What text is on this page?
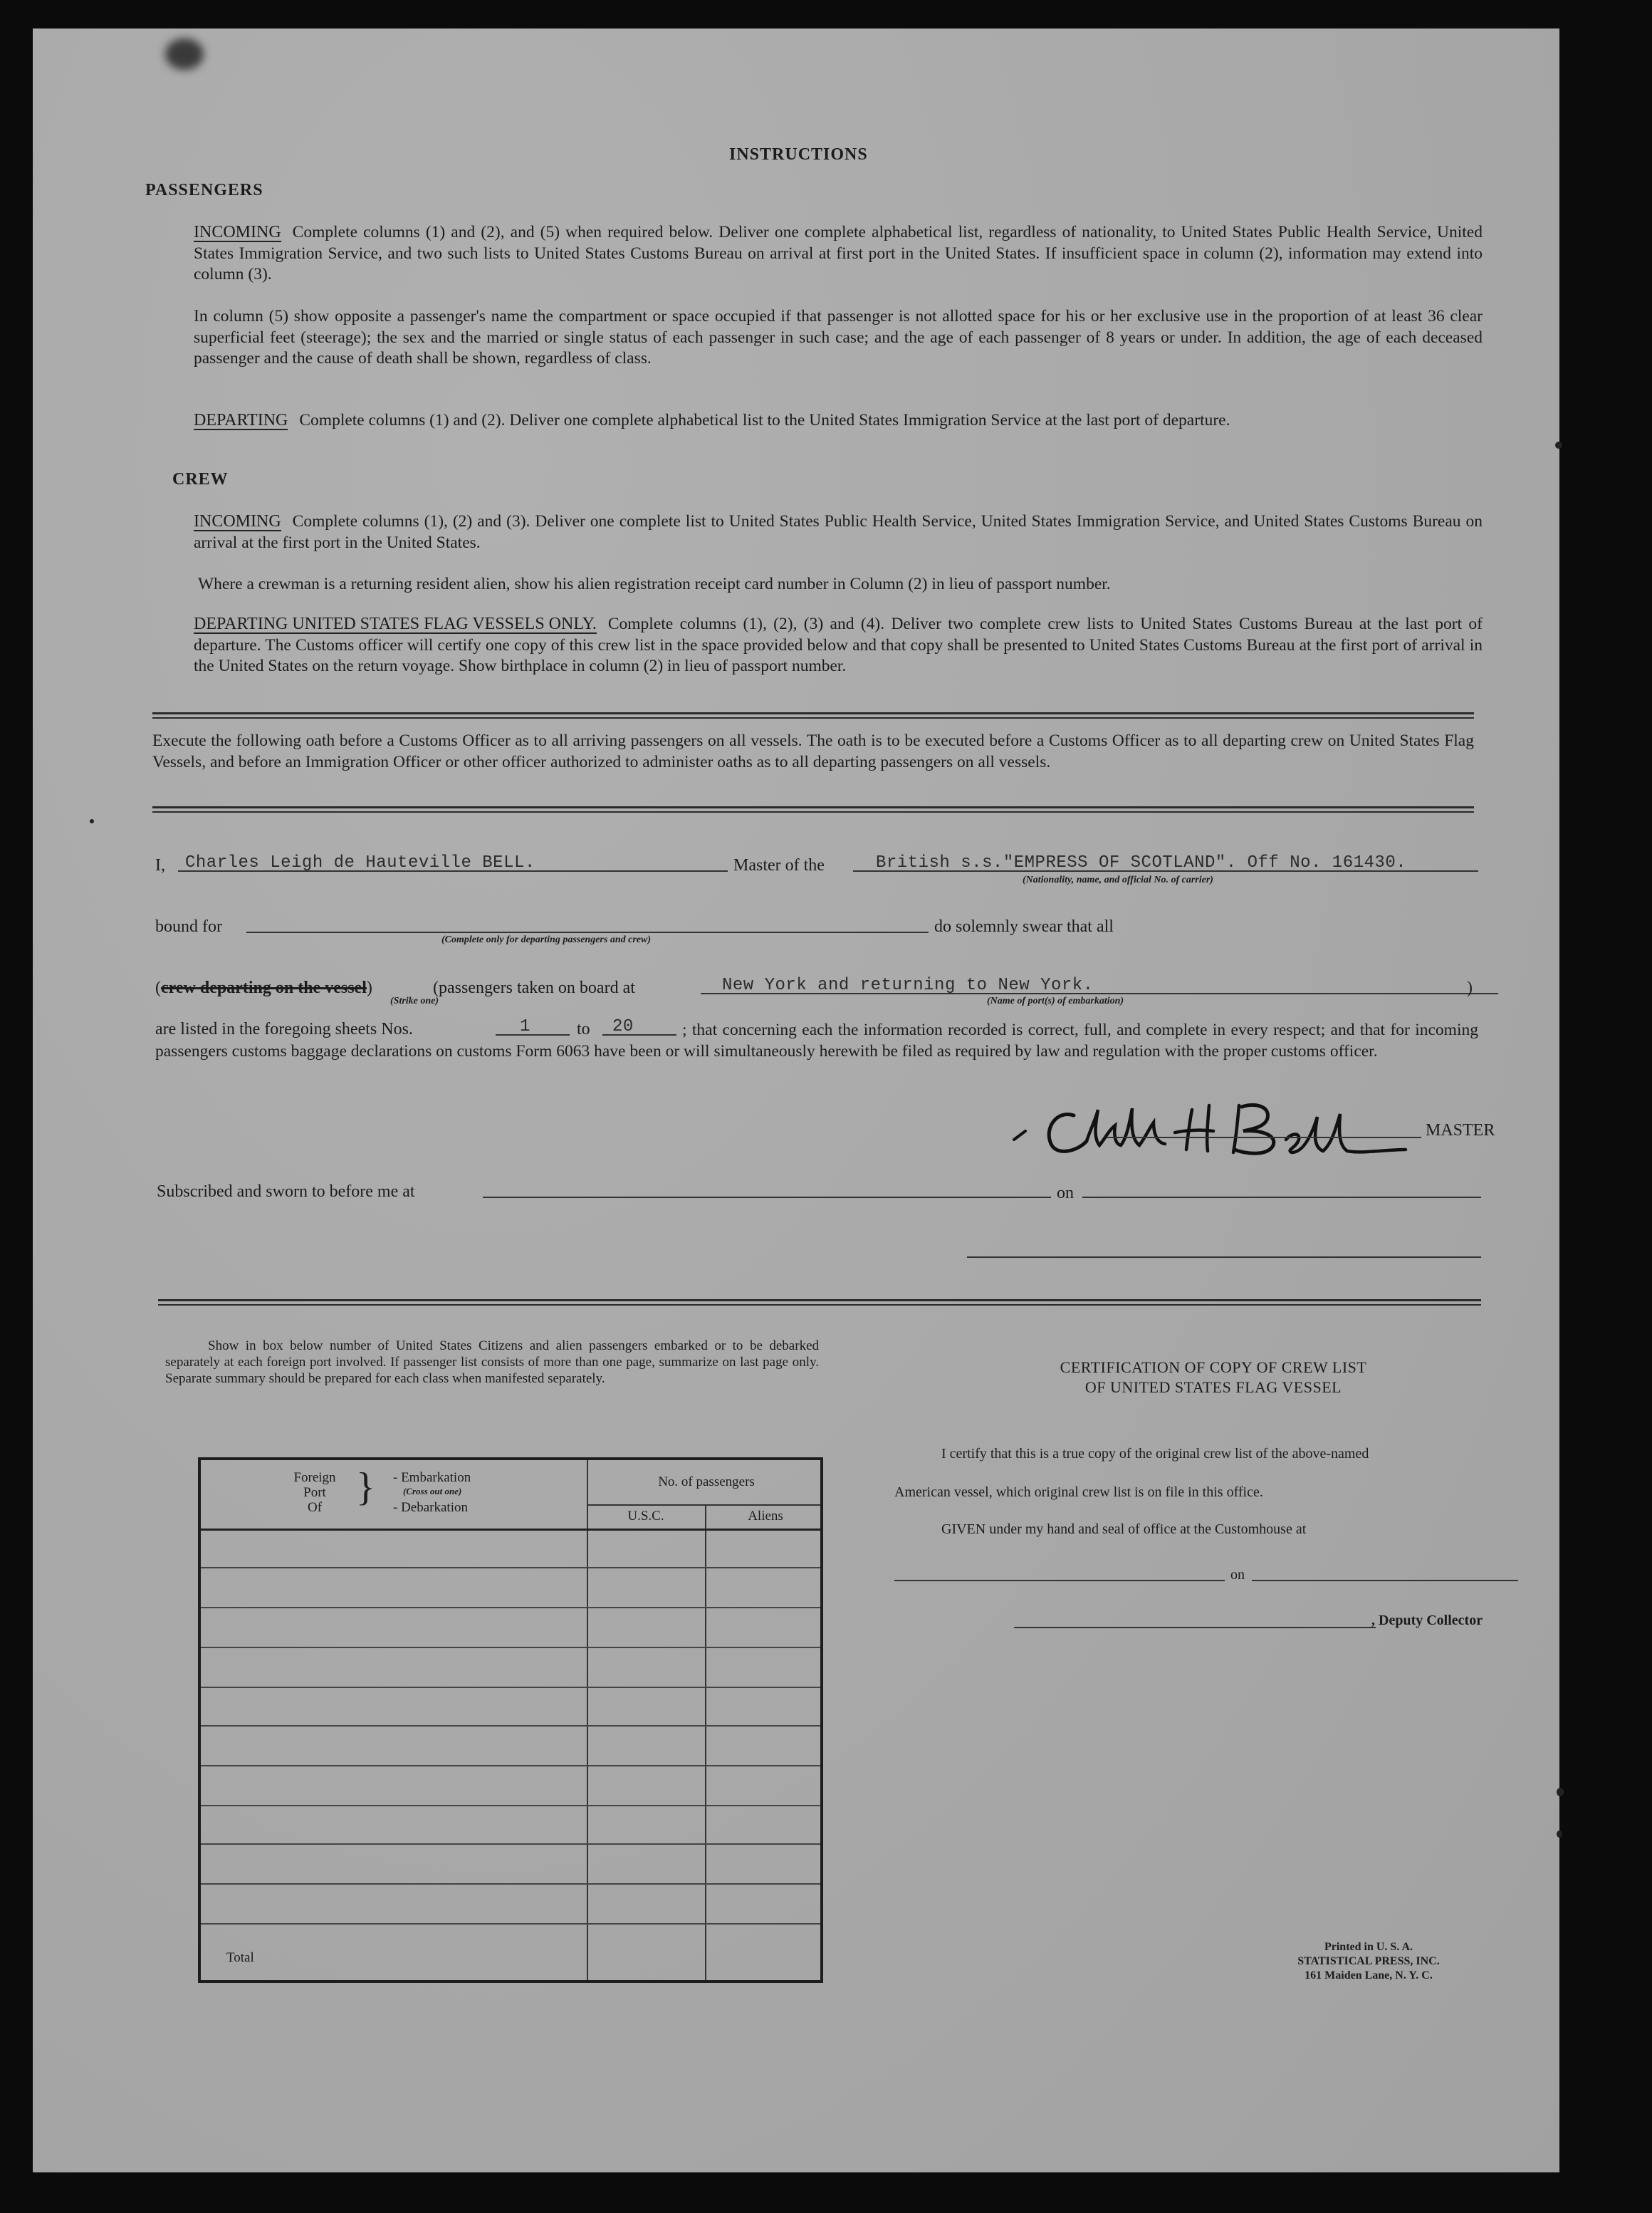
INSTRUCTIONS
PASSENGERS
INCOMING Complete columns (1) and (2), and (5) when required below. Deliver one complete alphabetical list, regardless of nationality, to United States Public Health Service, United States Immigration Service, and two such lists to United States Customs Bureau on arrival at first port in the United States. If insufficient space in column (2), information may extend into column (3).
In column (5) show opposite a passenger's name the compartment or space occupied if that passenger is not allotted space for his or her exclusive use in the proportion of at least 36 clear superficial feet (steerage); the sex and the married or single status of each passenger in such case; and the age of each passenger of 8 years or under. In addition, the age of each deceased passenger and the cause of death shall be shown, regardless of class.
DEPARTING Complete columns (1) and (2). Deliver one complete alphabetical list to the United States Immigration Service at the last port of departure.
CREW
INCOMING Complete columns (1), (2) and (3). Deliver one complete list to United States Public Health Service, United States Immigration Service, and United States Customs Bureau on arrival at the first port in the United States.
Where a crewman is a returning resident alien, show his alien registration receipt card number in Column (2) in lieu of passport number.
DEPARTING UNITED STATES FLAG VESSELS ONLY. Complete columns (1), (2), (3) and (4). Deliver two complete crew lists to United States Customs Bureau at the last port of departure. The Customs officer will certify one copy of this crew list in the space provided below and that copy shall be presented to United States Customs Bureau at the first port of arrival in the United States on the return voyage. Show birthplace in column (2) in lieu of passport number.
Execute the following oath before a Customs Officer as to all arriving passengers on all vessels. The oath is to be executed before a Customs Officer as to all departing crew on United States Flag Vessels, and before an Immigration Officer or other officer authorized to administer oaths as to all departing passengers on all vessels.
I, Charles Leigh de Hauteville BELL.	Master of the	British s.s."EMPRESS OF SCOTLAND". Off No. 161430.
(Nationality, name, and official No. of carrier)
bound for
(Complete only for departing passengers and crew)
do solemnly swear that all
(crew departing on the vessel)
(Strike one)
(passengers taken on board at	New York and returning to New York.	)
(Name of port(s) of embarkation)
are listed in the foregoing sheets Nos.	1	to 20	; that concerning each the information recorded is correct, full, and complete in every respect; and that for incoming passengers customs baggage declarations on customs Form 6063 have been or will simultaneously herewith be filed as required by law and regulation with the proper customs officer.
MASTER
Subscribed and sworn to before me at	on
Show in box below number of United States Citizens and alien passengers embarked or to be debarked separately at each foreign port involved. If passenger list consists of more than one page, summarize on last page only. Separate summary should be prepared for each class when manifested separately.
Foreign
Port
Of } - Embarkation
(Cross out one)
- Debarkation
No. of passengers
U.S.C.	Aliens
Total
CERTIFICATION OF COPY OF CREW LIST
OF UNITED STATES FLAG VESSEL
I certify that this is a true copy of the original crew list of the above-named
American vessel, which original crew list is on file in this office.
GIVEN under my hand and seal of office at the Customhouse at
on
, Deputy Collector
Printed in U. S. A.
STATISTICAL PRESS, INC.
161 Maiden Lane, N. Y. C.
